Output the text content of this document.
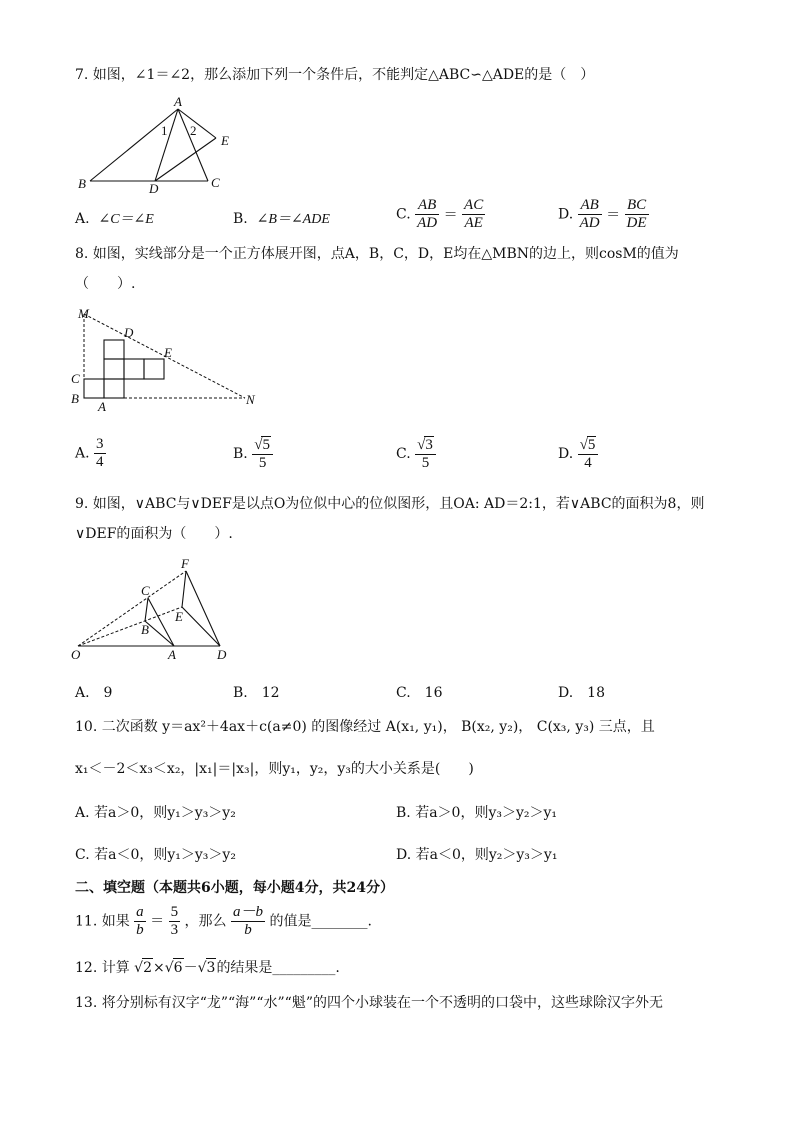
7. 如图，∠1＝∠2，那么添加下列一个条件后，不能判定△ABC∽△ADE的是（　）
A
B	C
D
E
1 2
A. ∠C＝∠E	B. ∠B＝∠ADE	C. $\frac{AB}{AD} = \frac{AC}{AE}$	D. $\frac{AB}{AD} = \frac{BC}{DE}$
8. 如图，实线部分是一个正方体展开图，点A，B，C，D，E均在△MBN的边上，则cosM的值为
（　　）.
M
D
E
C
B
A	N
A. $\frac{3}{4}$	B. $\frac{√5}{5}$	C. $\frac{√3}{5}$	D. $\frac{√5}{4}$
9. 如图，∨ABC与∨DEF是以点O为位似中心的位似图形，且OA: AD＝2:1，若∨ABC的面积为8，则
∨DEF的面积为（　　）.
F
C
E
B
O	A	D
A.　9	B.　12	C.　16	D.　18
10. 二次函数 y＝ax²＋4ax＋c(a≠0) 的图像经过 A(x₁, y₁)， B(x₂, y₂)， C(x₃, y₃) 三点，且
x₁＜－2＜x₃＜x₂，|x₁|＝|x₃|，则y₁，y₂，y₃的大小关系是(　　)
A. 若a＞0，则y₁＞y₃＞y₂	B. 若a＞0，则y₃＞y₂＞y₁
C. 若a＜0，则y₁＞y₃＞y₂	D. 若a＜0，则y₂＞y₃＞y₁
二、填空题（本题共6小题，每小题4分，共24分）
11. 如果 $\frac{a}{b} = \frac{5}{3}$ ，那么 $\frac{a-b}{b}$ 的值是________.
12. 计算 √2×√6－√3的结果是_________.
13. 将分别标有汉字“龙”“海”“水”“魁”的四个小球装在一个不透明的口袋中，这些球除汉字外无
